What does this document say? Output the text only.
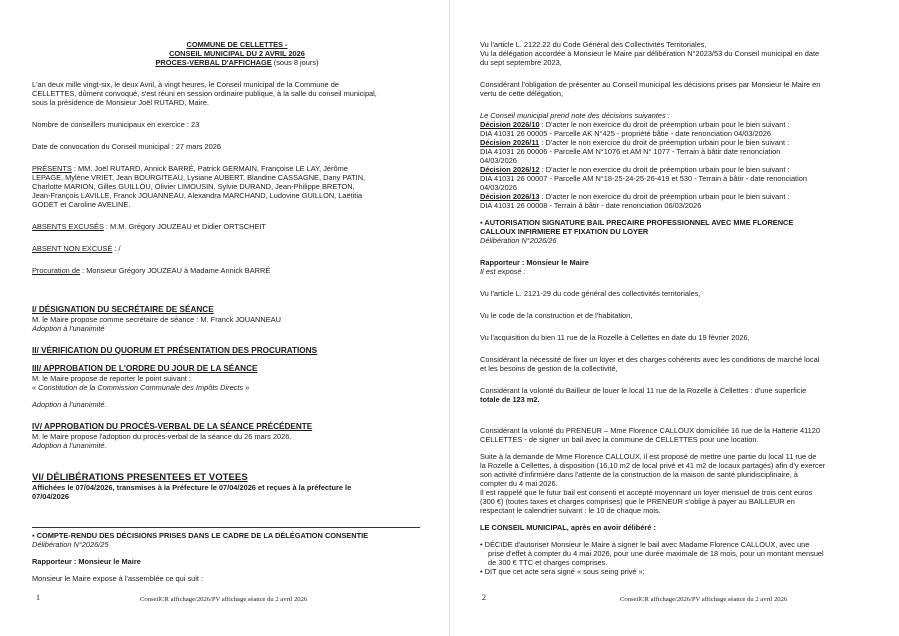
COMMUNE DE CELLETTES -

CONSEIL MUNICIPAL DU 2 AVRIL 2026

PROCES-VERBAL D'AFFICHAGE (sous 8 jours)

L'an deux mille vingt-six, le deux Avril, à vingt heures, le Conseil municipal de la Commune de

CELLETTES, dûment convoqué, s'est réuni en session ordinaire publique, à la salle du conseil municipal,

sous la présidence de Monsieur Joël RUTARD, Maire.

Nombre de conseillers municipaux en exercice : 23

Date de convocation du Conseil municipal : 27 mars 2026

PRÉSENTS : MM. Joël RUTARD, Annick BARRÉ, Patrick GERMAIN, Françoise LE LAY, Jérôme

LEPAGE, Mylène VRIET, Jean BOURGITEAU, Lysiane AUBERT, Blandine CASSAGNE, Dany PATIN,

Charlotte MARION, Gilles GUILLOU, Olivier LIMOUSIN, Sylvie DURAND, Jean-Philippe BRETON,

Jean-François LAVILLE, Franck JOUANNEAU, Alexandra MARCHAND, Ludovine GUILLON, Laëtitia

GODET et Caroline AVELINE.

ABSENTS EXCUSÉS : M.M. Grégory JOUZEAU et Didier ORTSCHEIT

ABSENT NON EXCUSÉ : /

Procuration de : Monsieur Grégory JOUZEAU à Madame Annick BARRÉ

I/ DÉSIGNATION DU SECRÉTAIRE DE SÉANCE

M. le Maire propose comme secrétaire de séance : M. Franck JOUANNEAU

Adoption à l'unanimité

II/ VÉRIFICATION DU QUORUM ET PRÉSENTATION DES PROCURATIONS

III/ APPROBATION DE L'ORDRE DU JOUR DE LA SÉANCE

M. le Maire propose de reporter le point suivant :

« Constitution de la Commission Communale des Impôts Directs »

Adoption à l'unanimité.

IV/ APPROBATION DU PROCÈS-VERBAL DE LA SÉANCE PRÉCÉDENTE

M. le Maire propose l'adoption du procès-verbal de la séance du 26 mars 2026.

Adoption à l'unanimité.

VI/ DÉLIBÉRATIONS PRESENTEES ET VOTEES

Affichées le 07/04/2026, transmises à la Préfecture le 07/04/2026 et reçues à la préfecture le

07/04/2026

▪ COMPTE-RENDU DES DÉCISIONS PRISES DANS LE CADRE DE LA DÉLÉGATION CONSENTIE

Délibération N°2026/25

Rapporteur : Monsieur le Maire

Monsieur le Maire expose à l'assemblée ce qui suit :

1	ConseilCR affichage/2026/PV affichage séance du 2 avril 2026

Vu l'article L. 2122.22 du Code Général des Collectivités Territoriales,

Vu la délégation accordée à Monsieur le Maire par délibération N°2023/53 du Conseil municipal en date

du sept septembre 2023,

Considérant l'obligation de présenter au Conseil municipal les décisions prises par Monsieur le Maire en

vertu de cette délégation,

Le Conseil municipal prend note des décisions suivantes :

Décision 2026/10 : D'acter le non exercice du droit de préemption urbain pour le bien suivant :

DIA 41031 26 00005 - Parcelle AK N°425 - propriété bâtie - date renonciation 04/03/2026

Décision 2026/11 : D'acter le non exercice du droit de préemption urbain pour le bien suivant :

DIA 41031 26 00006 - Parcelle AM N°1076 et AM N° 1077 - Terrain à bâtir date renonciation

04/03/2026

Décision 2026/12 : D'acter le non exercice du droit de préemption urbain pour le bien suivant :

DIA 41031 26 00007 - Parcelle AM N°18-25-24-25-26-419 et 530 - Terrain à bâtir - date renonciation

04/03/2026

Décision 2026/13 : D'acter le non exercice du droit de préemption urbain pour le bien suivant :

DIA 41031 26 00008 - Terrain à bâtir - date renonciation 06/03/2026

▪ AUTORISATION SIGNATURE BAIL PRECAIRE PROFESSIONNEL AVEC MME FLORENCE

CALLOUX INFIRMIERE ET FIXATION DU LOYER

Délibération N°2026/26

Rapporteur : Monsieur le Maire

Il est exposé :

Vu l'article L. 2121-29 du code général des collectivités territoriales,

Vu le code de la construction et de l'habitation,

Vu l'acquisition du bien 11 rue de la Rozelle à Cellettes en date du 19 février 2026,

Considérant la nécessité de fixer un loyer et des charges cohérents avec les conditions de marché local

et les besoins de gestion de la collectivité,

Considérant la volonté du Bailleur de louer le local 11 rue de la Rozelle à Cellettes : d'une superficie

totale de 123 m2.

Considérant la volonté du PRENEUR – Mme Florence CALLOUX domiciliée 16 rue de la Hatterie 41120

CELLETTES - de signer un bail avec la commune de CELLETTES pour une location.

Suite à la demande de Mme Florence CALLOUX, il est proposé de mettre une partie du local 11 rue de

la Rozelle à Cellettes, à disposition (16,10 m2 de local privé et 41 m2 de locaux partagés) afin d'y exercer

son activité d'infirmière dans l'attente de la construction de la maison de santé pluridisciplinaire, à

compter du 4 mai 2026.

Il est rappelé que le futur bail est consenti et accepté moyennant un loyer mensuel de trois cent euros

(300 €) (toutes taxes et charges comprises) que le PRENEUR s'oblige à payer au BAILLEUR en

respectant le calendrier suivant : le 10 de chaque mois.

LE CONSEIL MUNICIPAL, après en avoir délibéré :

• DÉCIDE d'autoriser Monsieur le Maire à signer le bail avec Madame Florence CALLOUX, avec une

prise d'effet à compter du 4 mai 2026, pour une durée maximale de 18 mois, pour un montant mensuel

de 300 € TTC et charges comprises.

• DIT que cet acte sera signé « sous seing privé »;

2	ConseilCR affichage/2026/PV affichage séance du 2 avril 2026
